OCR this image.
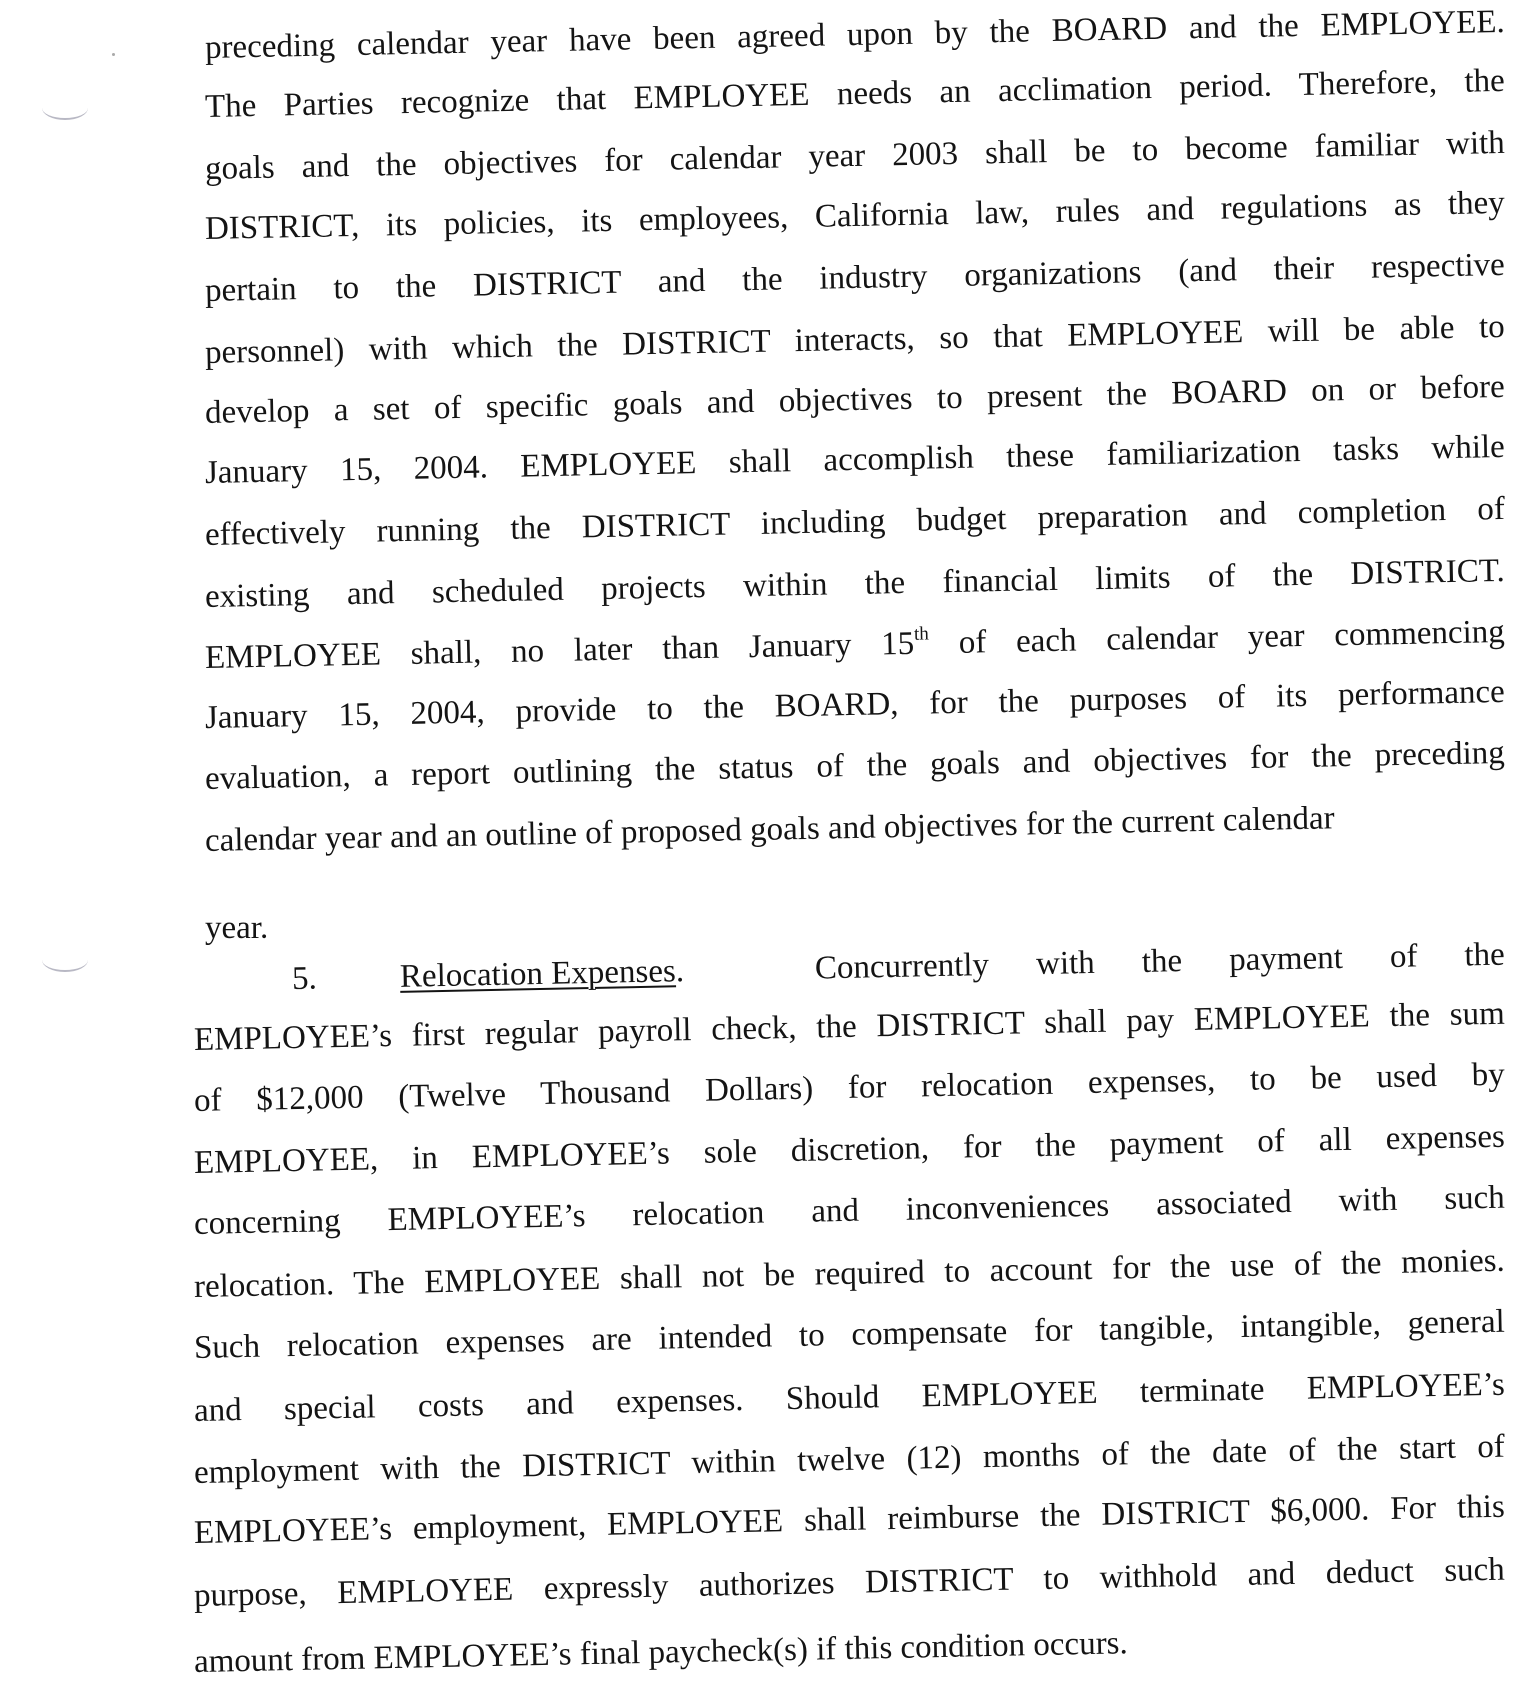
preceding calendar year have been agreed upon by the BOARD and the EMPLOYEE.
The Parties recognize that EMPLOYEE needs an acclimation period. Therefore, the
goals and the objectives for calendar year 2003 shall be to become familiar with
DISTRICT, its policies, its employees, California law, rules and regulations as they
pertain to the DISTRICT and the industry organizations (and their respective
personnel) with which the DISTRICT interacts, so that EMPLOYEE will be able to
develop a set of specific goals and objectives to present the BOARD on or before
January 15, 2004. EMPLOYEE shall accomplish these familiarization tasks while
effectively running the DISTRICT including budget preparation and completion of
existing and scheduled projects within the financial limits of the DISTRICT.
EMPLOYEE shall, no later than January 15th of each calendar year commencing
January 15, 2004, provide to the BOARD, for the purposes of its performance
evaluation, a report outlining the status of the goals and objectives for the preceding
calendar year and an outline of proposed goals and objectives for the current calendar
year.
5.	Relocation Expenses.	Concurrently with the payment of the
EMPLOYEE’s first regular payroll check, the DISTRICT shall pay EMPLOYEE the sum
of $12,000 (Twelve Thousand Dollars) for relocation expenses, to be used by
EMPLOYEE, in EMPLOYEE’s sole discretion, for the payment of all expenses
concerning EMPLOYEE’s relocation and inconveniences associated with such
relocation. The EMPLOYEE shall not be required to account for the use of the monies.
Such relocation expenses are intended to compensate for tangible, intangible, general
and special costs and expenses. Should EMPLOYEE terminate EMPLOYEE’s
employment with the DISTRICT within twelve (12) months of the date of the start of
EMPLOYEE’s employment, EMPLOYEE shall reimburse the DISTRICT $6,000. For this
purpose, EMPLOYEE expressly authorizes DISTRICT to withhold and deduct such
amount from EMPLOYEE’s final paycheck(s) if this condition occurs.
